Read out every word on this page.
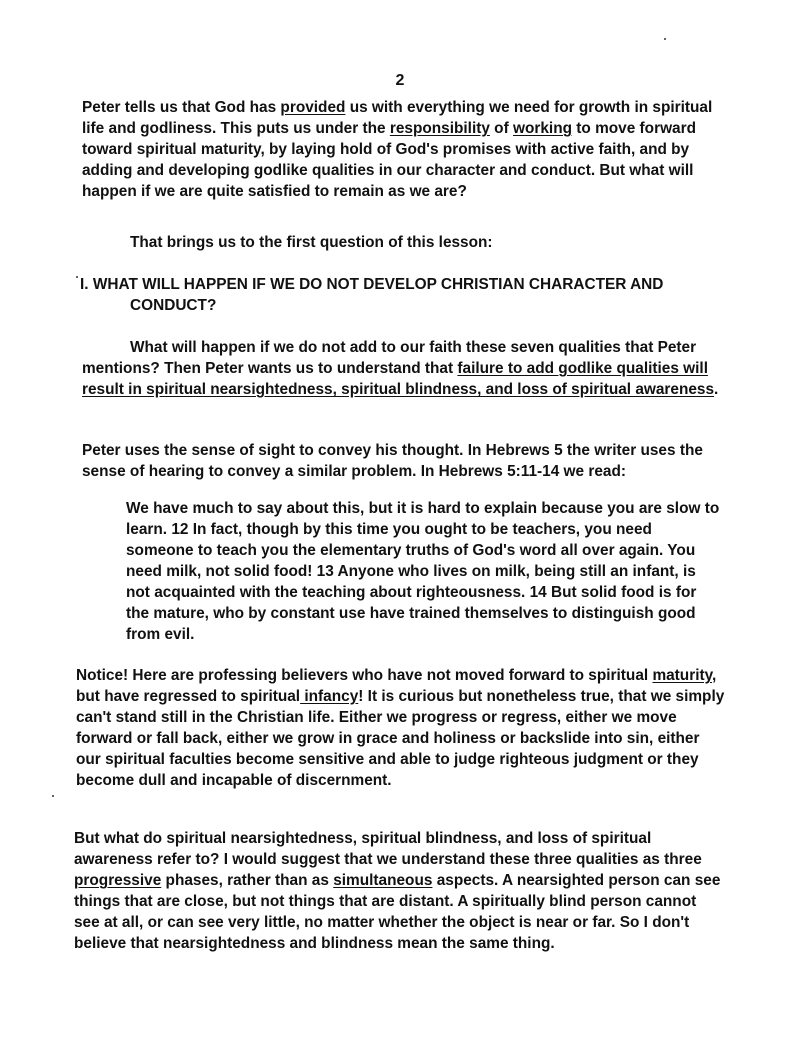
2

Peter tells us that God has provided us with everything we need for growth in spiritual life and godliness. This puts us under the responsibility of working to move forward toward spiritual maturity, by laying hold of God's promises with active faith, and by adding and developing godlike qualities in our character and conduct. But what will happen if we are quite satisfied to remain as we are?

That brings us to the first question of this lesson:

I. WHAT WILL HAPPEN IF WE DO NOT DEVELOP CHRISTIAN CHARACTER AND
CONDUCT?

What will happen if we do not add to our faith these seven qualities that Peter mentions? Then Peter wants us to understand that failure to add godlike qualities will result in spiritual nearsightedness, spiritual blindness, and loss of spiritual awareness.

Peter uses the sense of sight to convey his thought. In Hebrews 5 the writer uses the sense of hearing to convey a similar problem. In Hebrews 5:11-14 we read:

We have much to say about this, but it is hard to explain because you are slow to learn. 12 In fact, though by this time you ought to be teachers, you need someone to teach you the elementary truths of God's word all over again. You need milk, not solid food! 13 Anyone who lives on milk, being still an infant, is not acquainted with the teaching about righteousness. 14 But solid food is for the mature, who by constant use have trained themselves to distinguish good from evil.

Notice! Here are professing believers who have not moved forward to spiritual maturity, but have regressed to spiritual infancy! It is curious but nonetheless true, that we simply can't stand still in the Christian life. Either we progress or regress, either we move forward or fall back, either we grow in grace and holiness or backslide into sin, either our spiritual faculties become sensitive and able to judge righteous judgment or they become dull and incapable of discernment.

But what do spiritual nearsightedness, spiritual blindness, and loss of spiritual awareness refer to? I would suggest that we understand these three qualities as three progressive phases, rather than as simultaneous aspects. A nearsighted person can see things that are close, but not things that are distant. A spiritually blind person cannot see at all, or can see very little, no matter whether the object is near or far. So I don't believe that nearsightedness and blindness mean the same thing.
